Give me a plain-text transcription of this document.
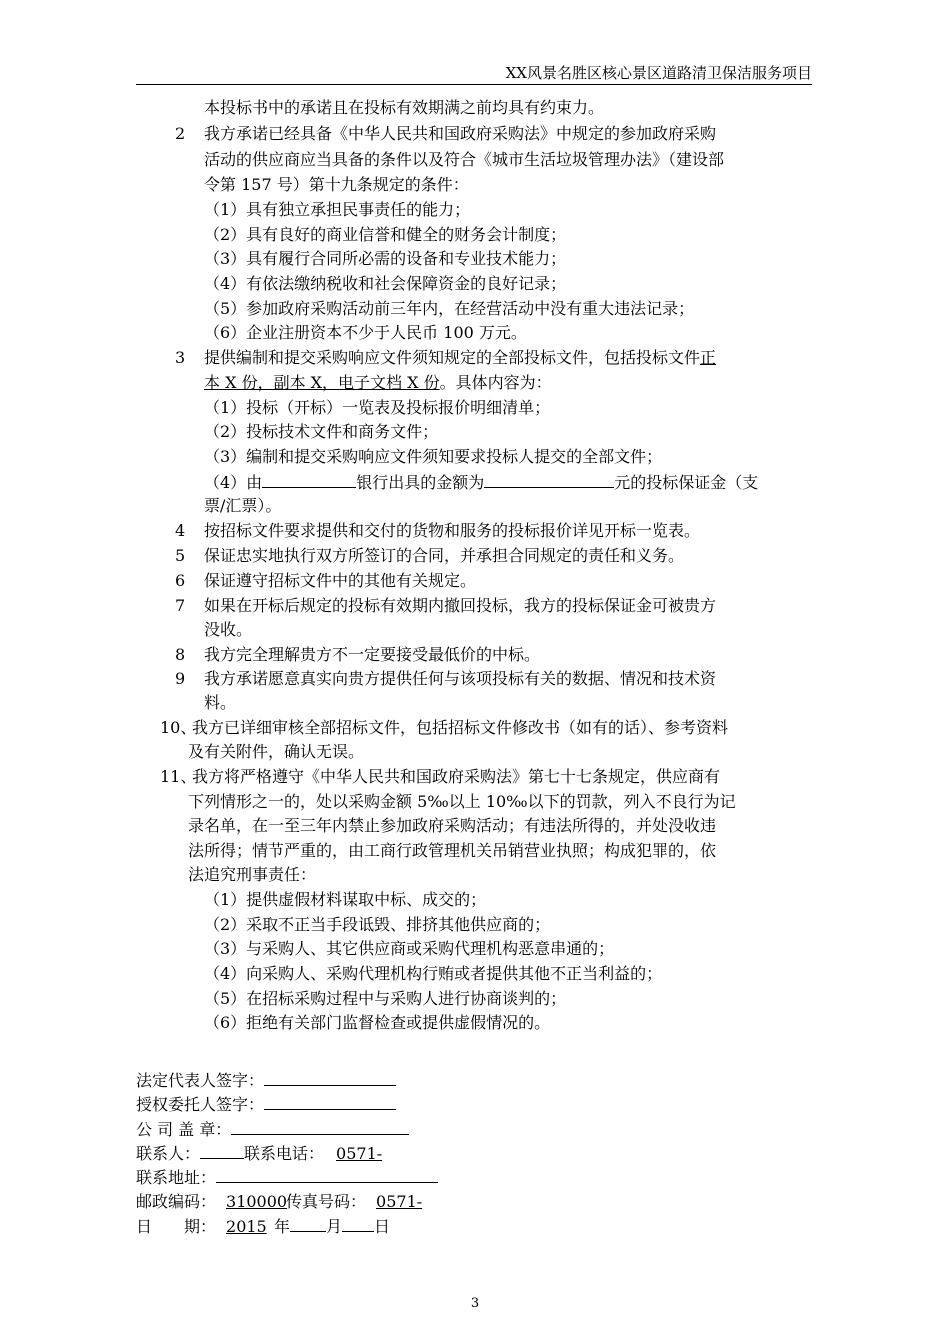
XX风景名胜区核心景区道路清卫保洁服务项目
本投标书中的承诺且在投标有效期满之前均具有约束力。
2 我方承诺已经具备《中华人民共和国政府采购法》中规定的参加政府采购
活动的供应商应当具备的条件以及符合《城市生活垃圾管理办法》（建设部
令第 157 号）第十九条规定的条件：
（1）具有独立承担民事责任的能力；
（2）具有良好的商业信誉和健全的财务会计制度；
（3）具有履行合同所必需的设备和专业技术能力；
（4）有依法缴纳税收和社会保障资金的良好记录；
（5）参加政府采购活动前三年内，在经营活动中没有重大违法记录；
（6）企业注册资本不少于人民币 100 万元。
3 提供编制和提交采购响应文件须知规定的全部投标文件，包括投标文件正
本 X 份，副本 X，电子文档 X 份。具体内容为：
（1）投标（开标）一览表及投标报价明细清单；
（2）投标技术文件和商务文件；
（3）编制和提交采购响应文件须知要求投标人提交的全部文件；
（4）由	银行出具的金额为	元的投标保证金（支
票/汇票）。
4 按招标文件要求提供和交付的货物和服务的投标报价详见开标一览表。
5 保证忠实地执行双方所签订的合同，并承担合同规定的责任和义务。
6 保证遵守招标文件中的其他有关规定。
7 如果在开标后规定的投标有效期内撤回投标，我方的投标保证金可被贵方
没收。
8 我方完全理解贵方不一定要接受最低价的中标。
9 我方承诺愿意真实向贵方提供任何与该项投标有关的数据、情况和技术资
料。
10、
我方已详细审核全部招标文件，包括招标文件修改书（如有的话）、参考资料
及有关附件，确认无误。
11、
我方将严格遵守《中华人民共和国政府采购法》第七十七条规定，供应商有
下列情形之一的，处以采购金额 5‰以上 10‰以下的罚款，列入不良行为记
录名单，在一至三年内禁止参加政府采购活动；有违法所得的，并处没收违
法所得；情节严重的，由工商行政管理机关吊销营业执照；构成犯罪的，依
法追究刑事责任：
（1）提供虚假材料谋取中标、成交的；
（2）采取不正当手段诋毁、排挤其他供应商的；
（3）与采购人、其它供应商或采购代理机构恶意串通的；
（4）向采购人、采购代理机构行贿或者提供其他不正当利益的；
（5）在招标采购过程中与采购人进行协商谈判的；
（6）拒绝有关部门监督检查或提供虚假情况的。
法定代表人签字：
授权委托人签字：
公 司 盖 章：
联系人：	联系电话： 0571-
联系地址：
邮政编码： 310000传真号码： 0571-
日　　期： 2015 年 月 日
3
